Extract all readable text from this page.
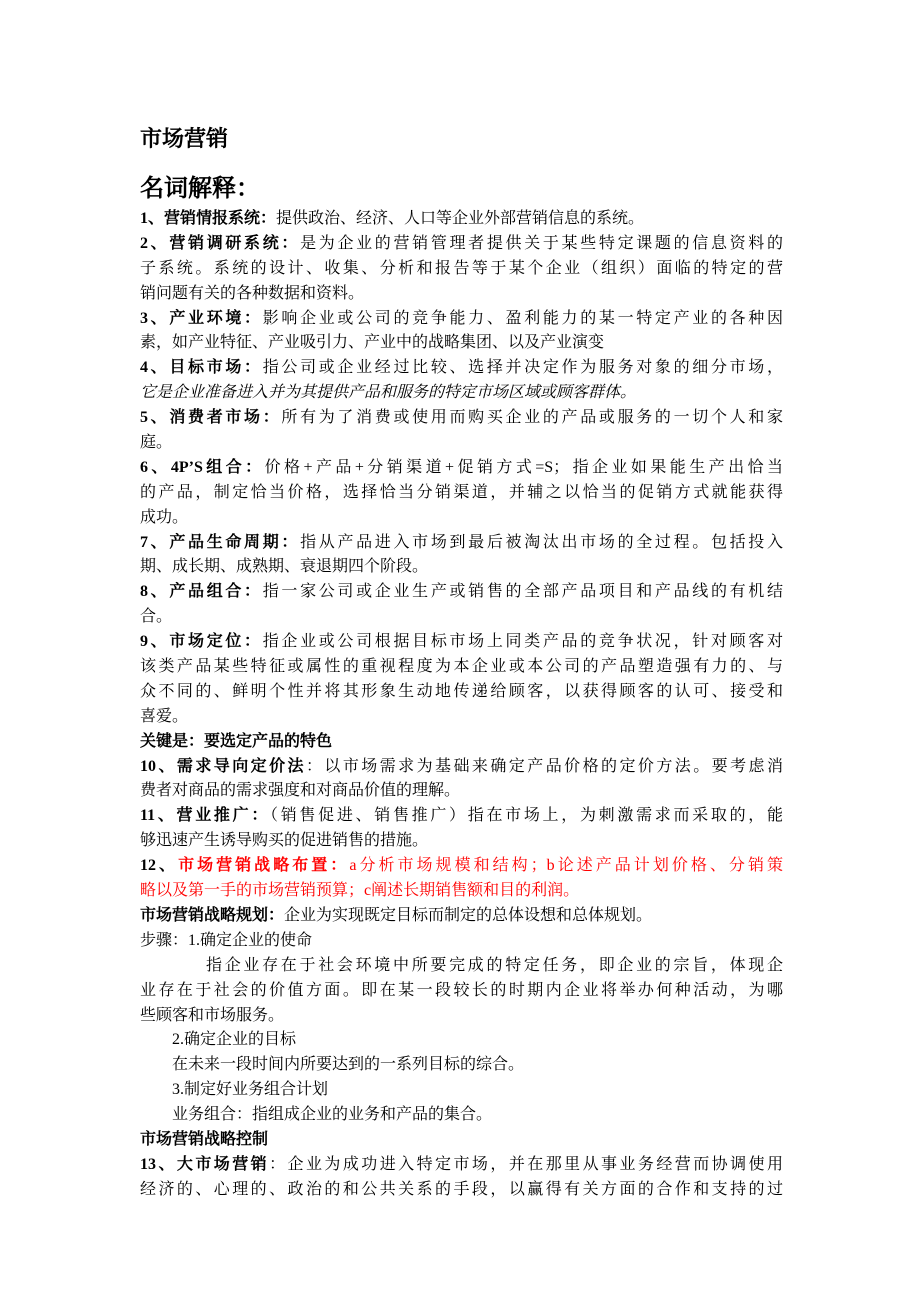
市场营销
名词解释：
1、营销情报系统：提供政治、经济、人口等企业外部营销信息的系统。
2、营销调研系统：是为企业的营销管理者提供关于某些特定课题的信息资料的
子系统。系统的设计、收集、分析和报告等于某个企业（组织）面临的特定的营
销问题有关的各种数据和资料。
3、产业环境：影响企业或公司的竞争能力、盈利能力的某一特定产业的各种因
素，如产业特征、产业吸引力、产业中的战略集团、以及产业演变
4、目标市场：指公司或企业经过比较、选择并决定作为服务对象的细分市场，
它是企业准备进入并为其提供产品和服务的特定市场区域或顾客群体。
5、消费者市场：所有为了消费或使用而购买企业的产品或服务的一切个人和家
庭。
6、4P’S组合：价格+产品+分销渠道+促销方式=S；指企业如果能生产出恰当
的产品，制定恰当价格，选择恰当分销渠道，并辅之以恰当的促销方式就能获得
成功。
7、产品生命周期：指从产品进入市场到最后被淘汰出市场的全过程。包括投入
期、成长期、成熟期、衰退期四个阶段。
8、产品组合：指一家公司或企业生产或销售的全部产品项目和产品线的有机结
合。
9、市场定位：指企业或公司根据目标市场上同类产品的竞争状况，针对顾客对
该类产品某些特征或属性的重视程度为本企业或本公司的产品塑造强有力的、与
众不同的、鲜明个性并将其形象生动地传递给顾客，以获得顾客的认可、接受和
喜爱。
关键是：要选定产品的特色
10、需求导向定价法：以市场需求为基础来确定产品价格的定价方法。要考虑消
费者对商品的需求强度和对商品价值的理解。
11、营业推广：（销售促进、销售推广）指在市场上，为刺激需求而采取的，能
够迅速产生诱导购买的促进销售的措施。
12、市场营销战略布置：a分析市场规模和结构；b论述产品计划价格、分销策
略以及第一手的市场营销预算；c阐述长期销售额和目的利润。
市场营销战略规划：企业为实现既定目标而制定的总体设想和总体规划。
步骤：1.确定企业的使命
指企业存在于社会环境中所要完成的特定任务，即企业的宗旨，体现企
业存在于社会的价值方面。即在某一段较长的时期内企业将举办何种活动，为哪
些顾客和市场服务。
2.确定企业的目标
在未来一段时间内所要达到的一系列目标的综合。
3.制定好业务组合计划
业务组合：指组成企业的业务和产品的集合。
市场营销战略控制
13、大市场营销：企业为成功进入特定市场，并在那里从事业务经营而协调使用
经济的、心理的、政治的和公共关系的手段，以赢得有关方面的合作和支持的过
